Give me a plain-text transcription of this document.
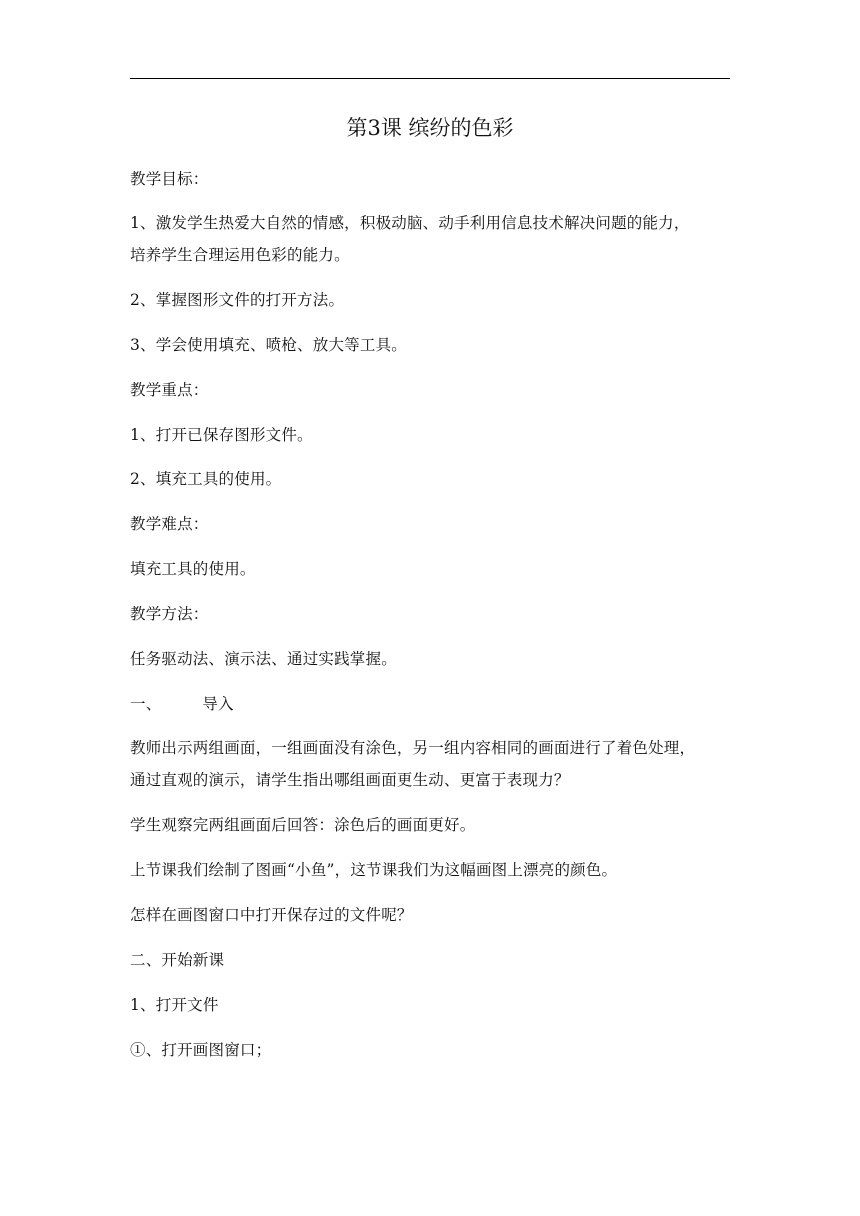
第3课 缤纷的色彩
教学目标：
1、激发学生热爱大自然的情感，积极动脑、动手利用信息技术解决问题的能力，
培养学生合理运用色彩的能力。
2、掌握图形文件的打开方法。
3、学会使用填充、喷枪、放大等工具。
教学重点：
1、打开已保存图形文件。
2、填充工具的使用。
教学难点：
填充工具的使用。
教学方法：
任务驱动法、演示法、通过实践掌握。
一、	导入
教师出示两组画面，一组画面没有涂色，另一组内容相同的画面进行了着色处理，
通过直观的演示，请学生指出哪组画面更生动、更富于表现力？
学生观察完两组画面后回答：涂色后的画面更好。
上节课我们绘制了图画“小鱼”，这节课我们为这幅画图上漂亮的颜色。
怎样在画图窗口中打开保存过的文件呢？
二、开始新课
1、打开文件
①、打开画图窗口；
